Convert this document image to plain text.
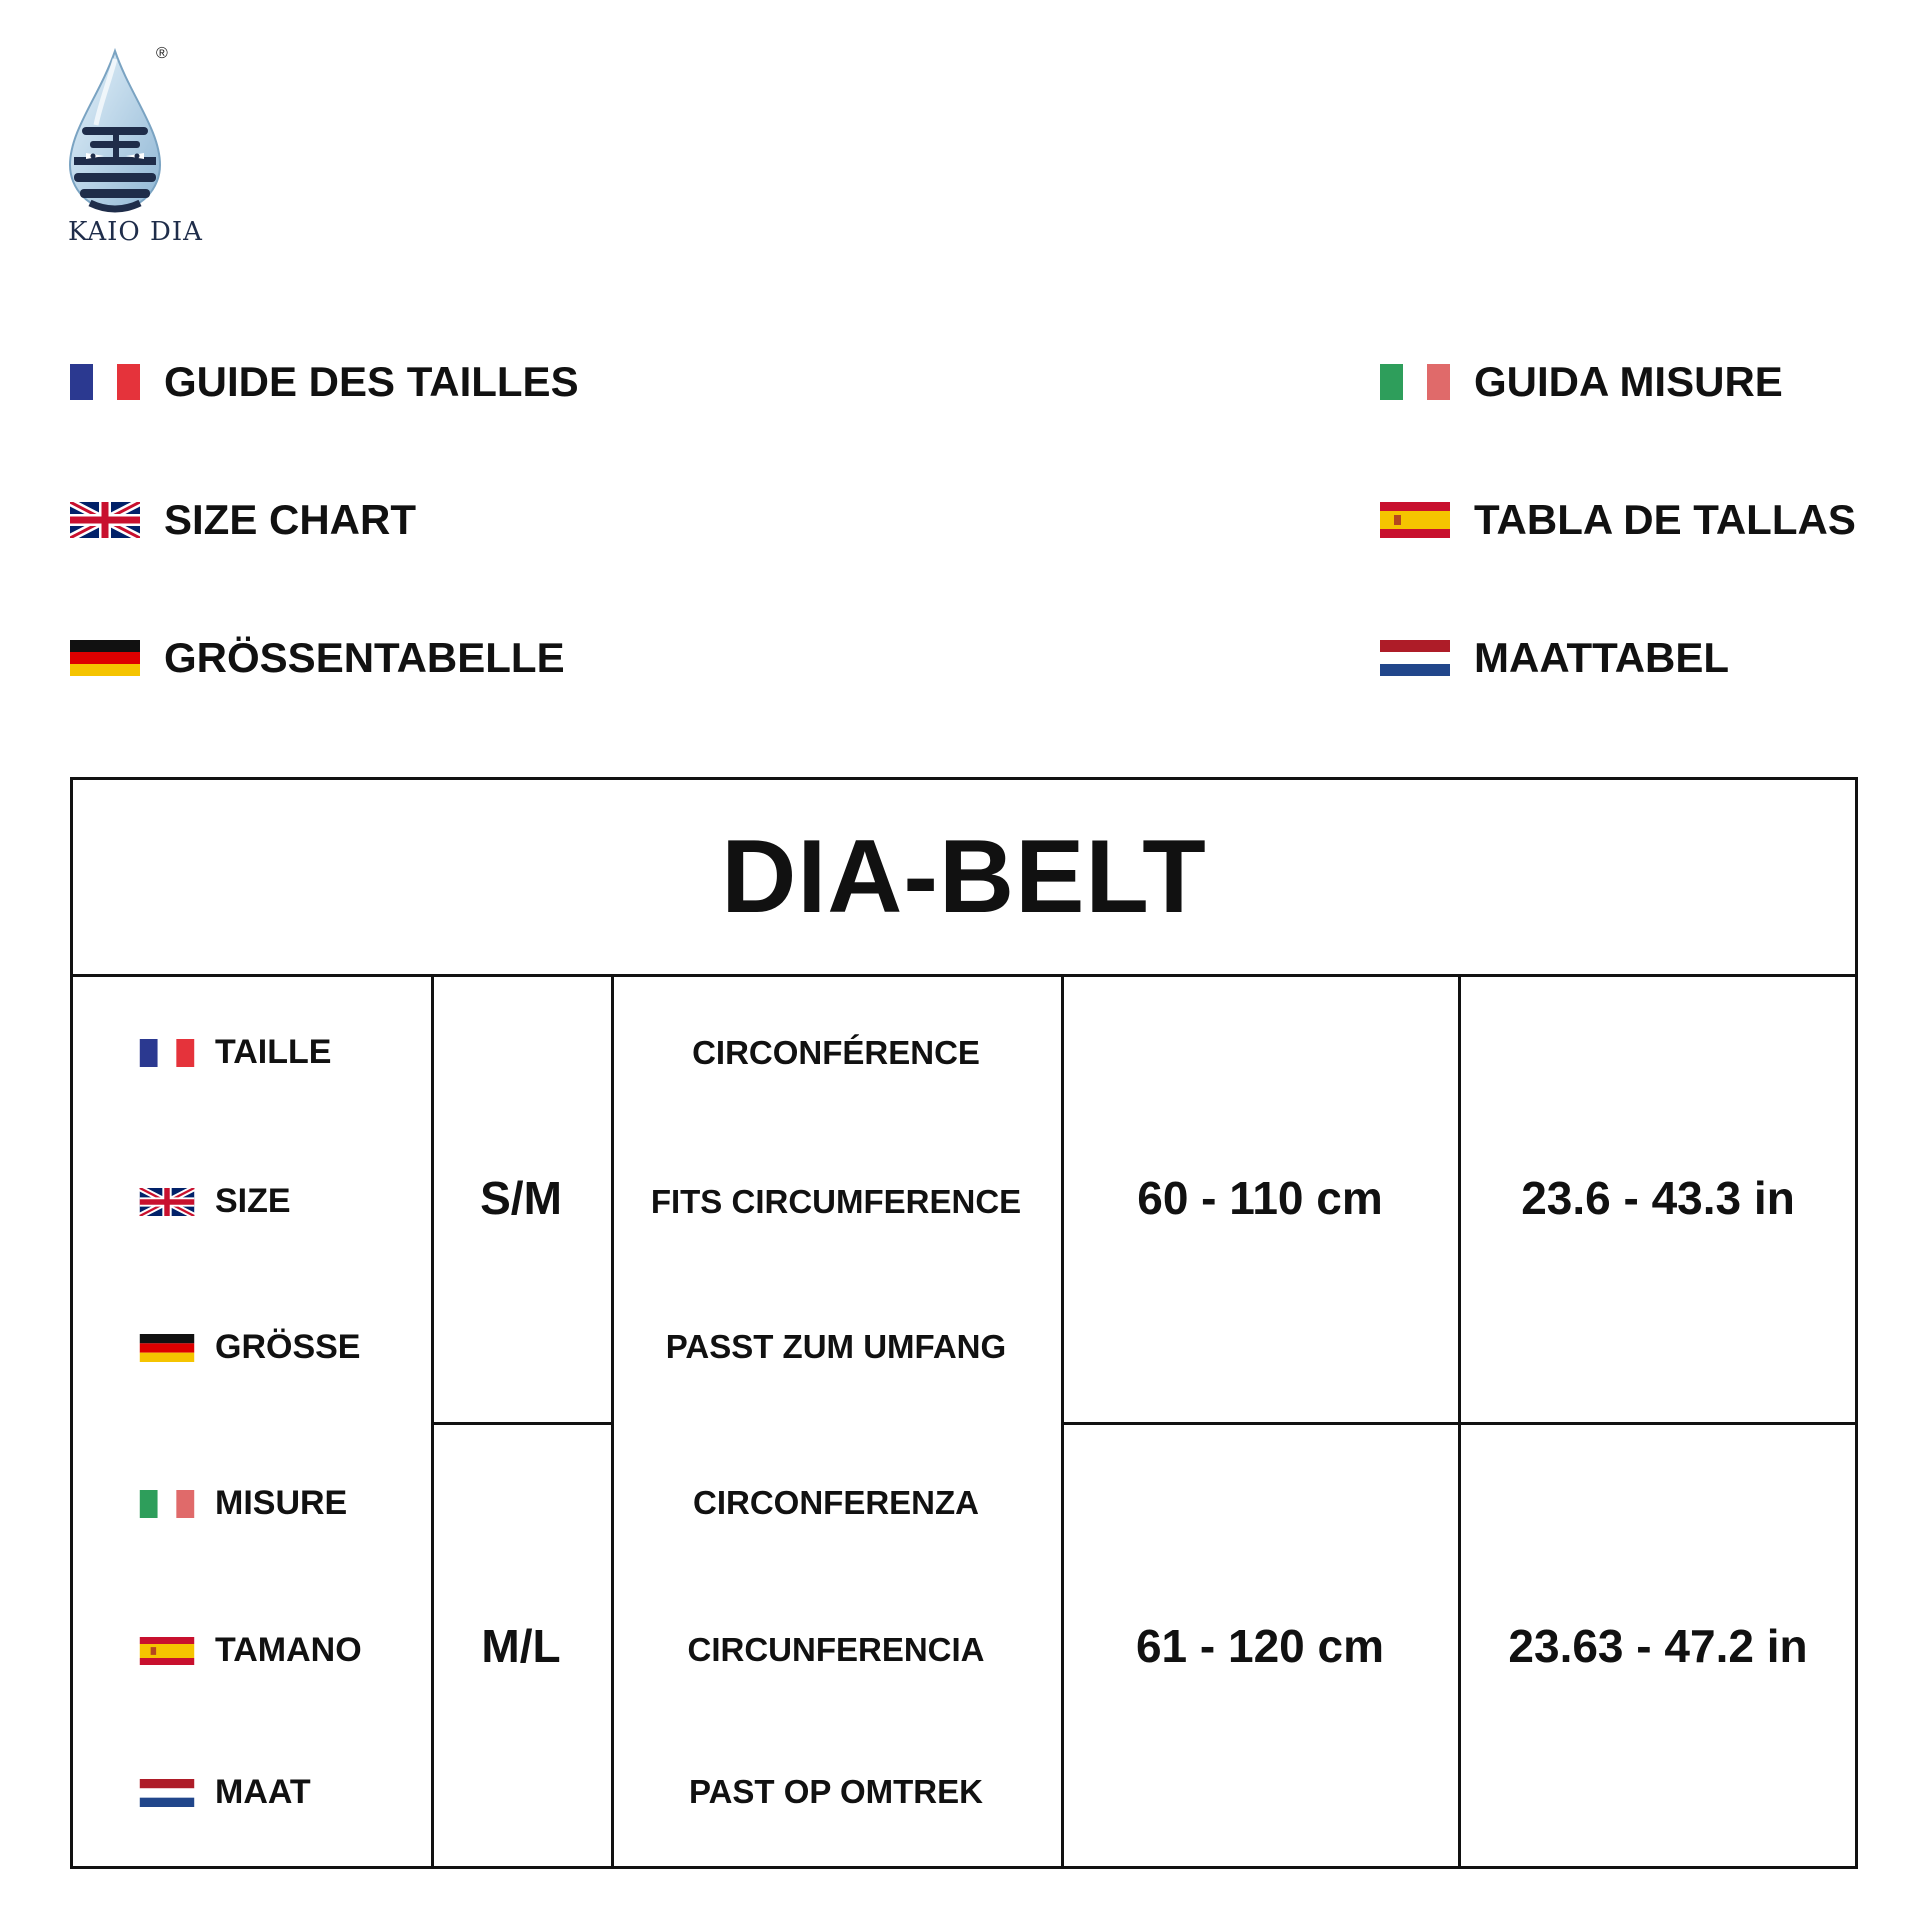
®
KAIO DIA
GUIDE DES TAILLES
SIZE CHART
GRÖSSENTABELLE
GUIDA MISURE
TABLA DE TALLAS
MAATTABEL
DIA-BELT
TAILLE
SIZE
GRÖSSE
MISURE
TAMANO
MAAT
S/M
M/L
CIRCONFÉRENCE
FITS CIRCUMFERENCE
PASST ZUM UMFANG
CIRCONFERENZA
CIRCUNFERENCIA
PAST OP OMTREK
60 - 110 cm
61 - 120 cm
23.6 - 43.3 in
23.63 - 47.2 in
